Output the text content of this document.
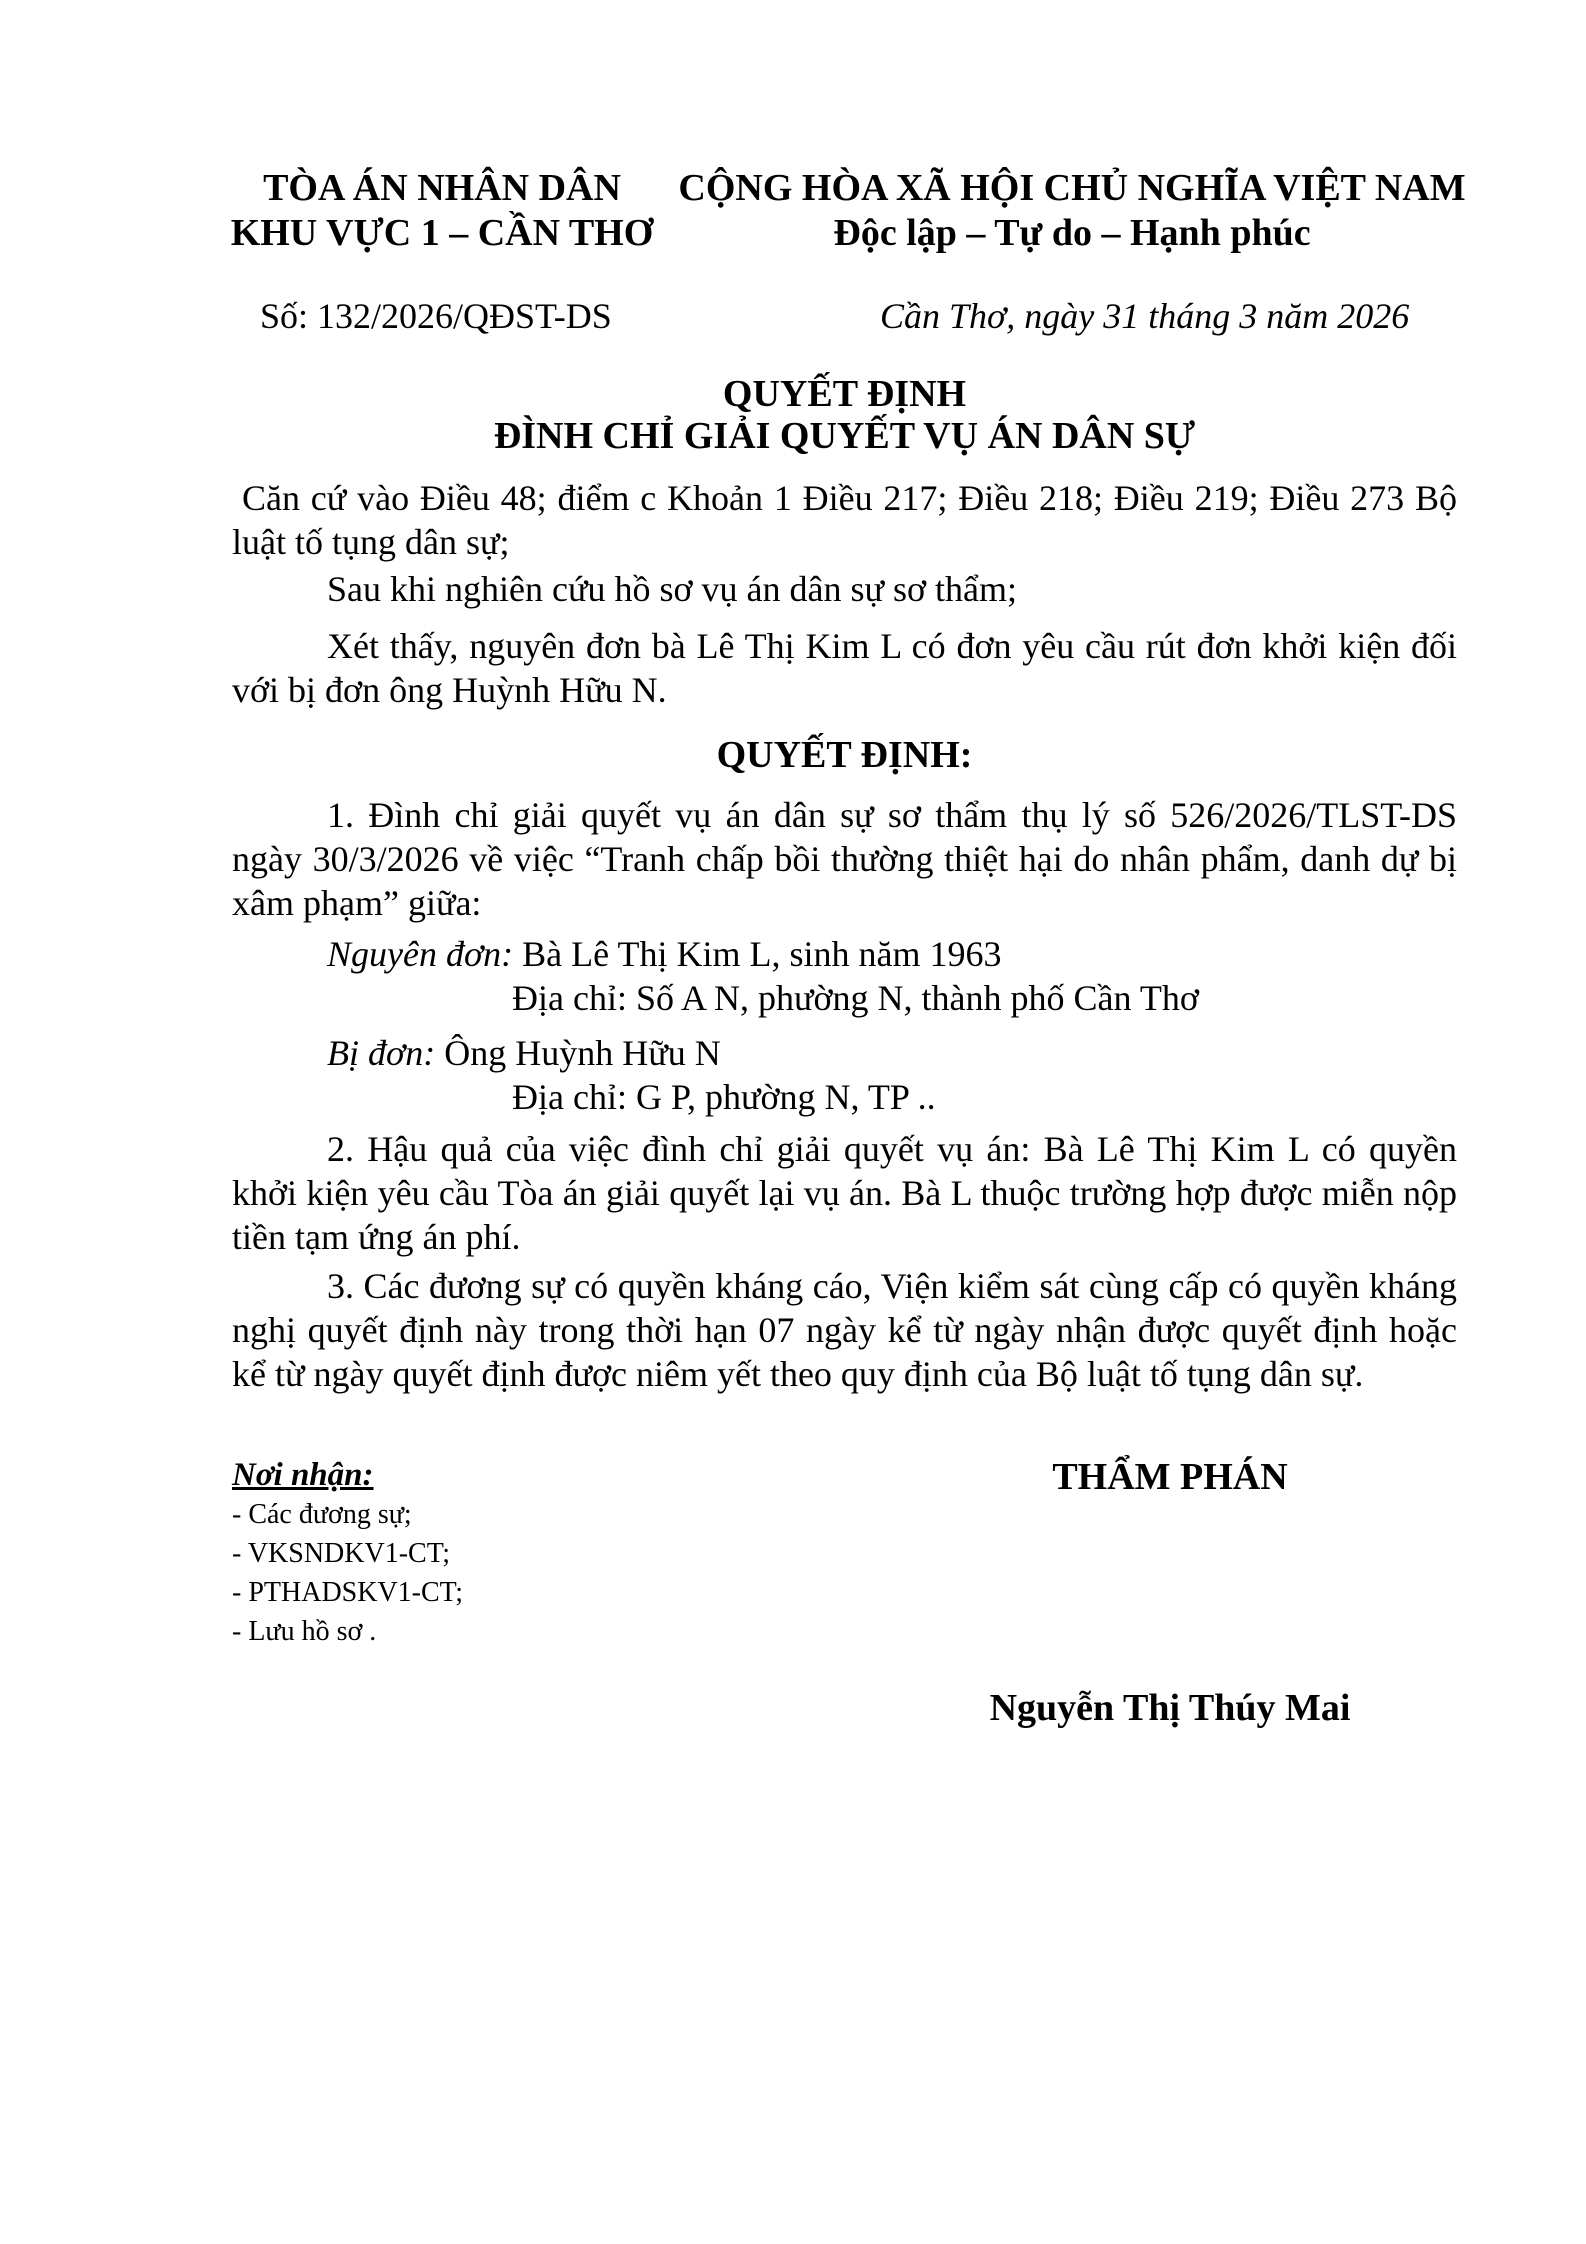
TÒA ÁN NHÂN DÂN
KHU VỰC 1 – CẦN THƠ
CỘNG HÒA XÃ HỘI CHỦ NGHĨA VIỆT NAM
Độc lập – Tự do – Hạnh phúc
Số: 132/2026/QĐST-DS	Cần Thơ, ngày 31 tháng 3 năm 2026
QUYẾT ĐỊNH
ĐÌNH CHỈ GIẢI QUYẾT VỤ ÁN DÂN SỰ
Căn cứ vào Điều 48; điểm c Khoản 1 Điều 217; Điều 218; Điều 219; Điều 273 Bộ luật tố tụng dân sự;
Sau khi nghiên cứu hồ sơ vụ án dân sự sơ thẩm;
Xét thấy, nguyên đơn bà Lê Thị Kim L có đơn yêu cầu rút đơn khởi kiện đối với bị đơn ông Huỳnh Hữu N.
QUYẾT ĐỊNH:
1. Đình chỉ giải quyết vụ án dân sự sơ thẩm thụ lý số 526/2026/TLST-DS ngày 30/3/2026 về việc “Tranh chấp bồi thường thiệt hại do nhân phẩm, danh dự bị xâm phạm” giữa:
Nguyên đơn: Bà Lê Thị Kim L, sinh năm 1963
Địa chỉ: Số A N, phường N, thành phố Cần Thơ
Bị đơn: Ông Huỳnh Hữu N
Địa chỉ: G P, phường N, TP ..
2. Hậu quả của việc đình chỉ giải quyết vụ án: Bà Lê Thị Kim L có quyền khởi kiện yêu cầu Tòa án giải quyết lại vụ án. Bà L thuộc trường hợp được miễn nộp tiền tạm ứng án phí.
3. Các đương sự có quyền kháng cáo, Viện kiểm sát cùng cấp có quyền kháng nghị quyết định này trong thời hạn 07 ngày kể từ ngày nhận được quyết định hoặc kể từ ngày quyết định được niêm yết theo quy định của Bộ luật tố tụng dân sự.
Nơi nhận:
- Các đương sự;
- VKSNDKV1-CT;
- PTHADSKV1-CT;
- Lưu hồ sơ .
THẨM PHÁN
Nguyễn Thị Thúy Mai
